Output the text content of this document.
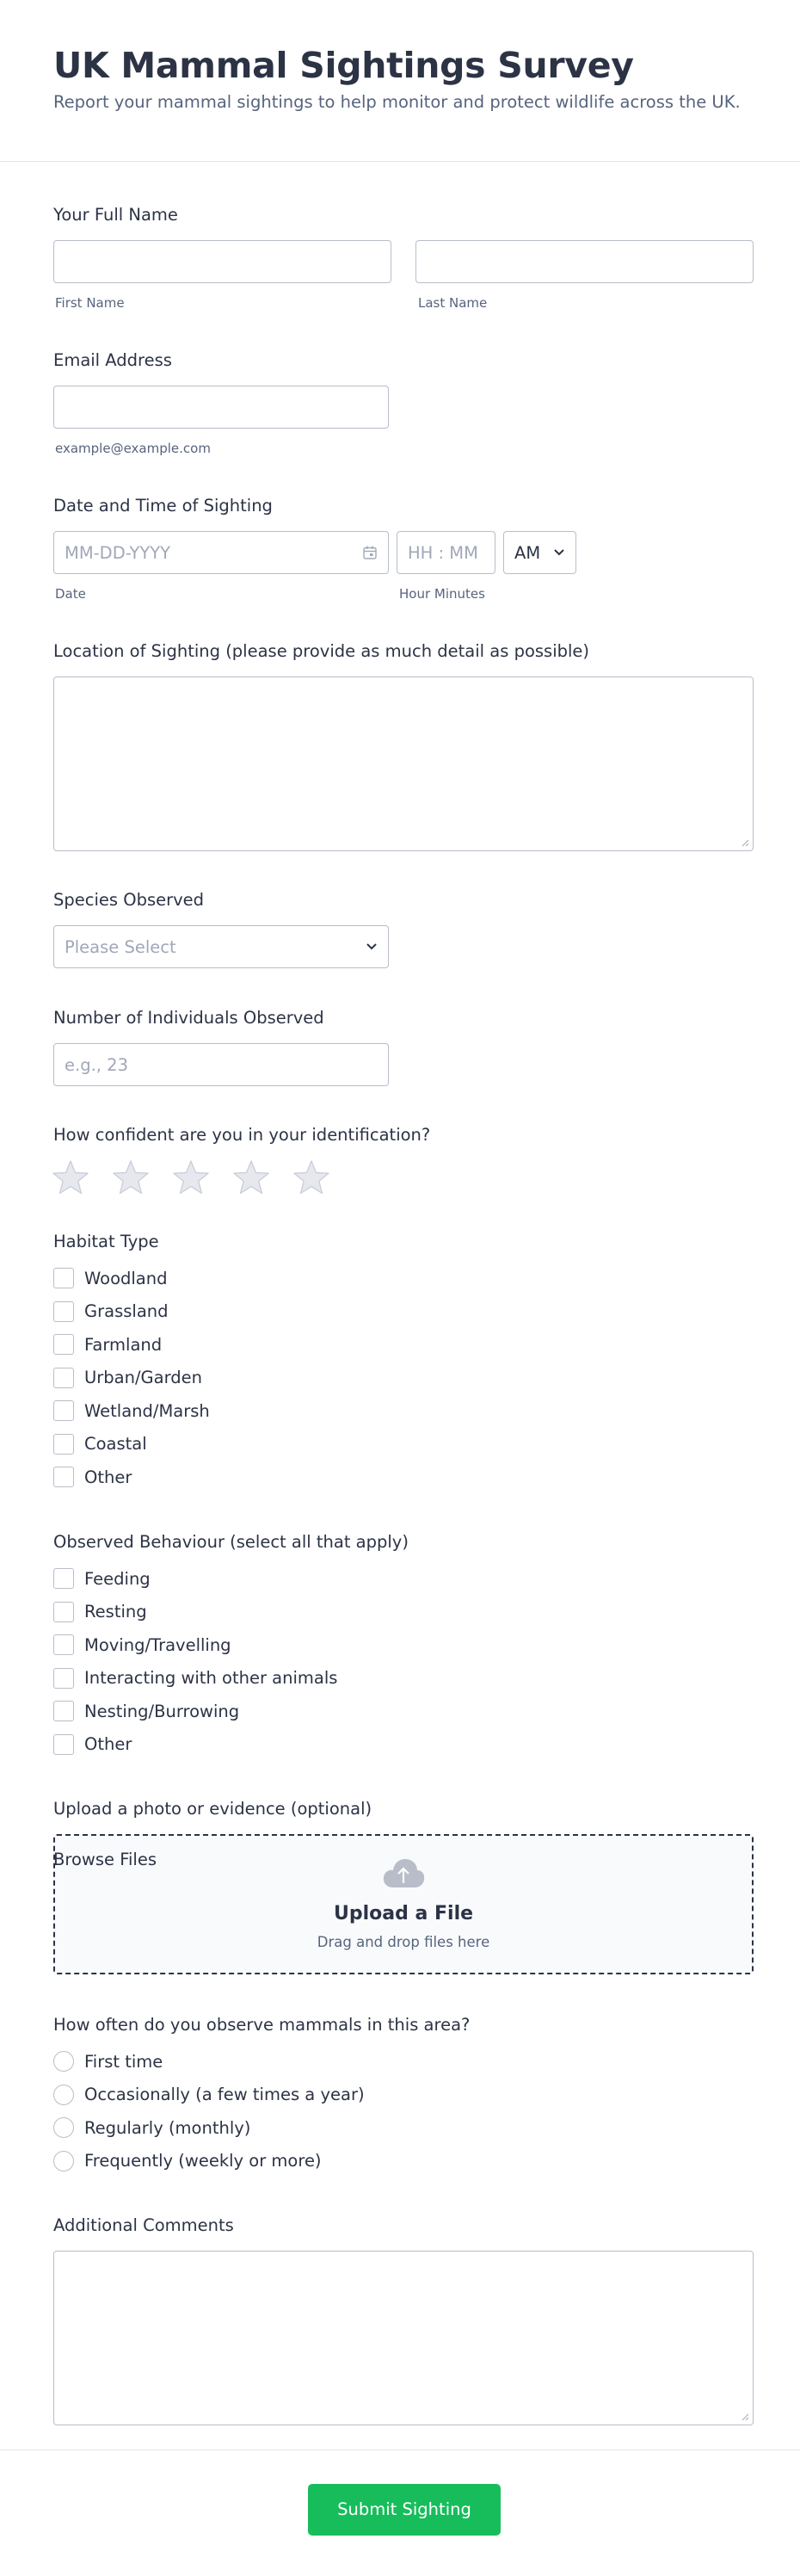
UK Mammal Sightings Survey

Report your mammal sightings to help monitor and protect wildlife across the UK.

Your Full Name
First Name	Last Name
Email Address
example@example.com
Date and Time of Sighting
MM-DD-YYYY	HH : MM AM
Date	Hour Minutes
Location of Sighting (please provide as much detail as possible)
Species Observed
Please Select
Number of Individuals Observed
e.g., 23
How confident are you in your identification?
Habitat Type
Woodland
Grassland
Farmland
Urban/Garden
Wetland/Marsh
Coastal
Other
Observed Behaviour (select all that apply)
Feeding
Resting
Moving/Travelling
Interacting with other animals
Nesting/Burrowing
Other
Upload a photo or evidence (optional)
Upload a File
Drag and drop files here
Browse Files
How often do you observe mammals in this area?
First time
Occasionally (a few times a year)
Regularly (monthly)
Frequently (weekly or more)
Additional Comments
Submit Sighting
